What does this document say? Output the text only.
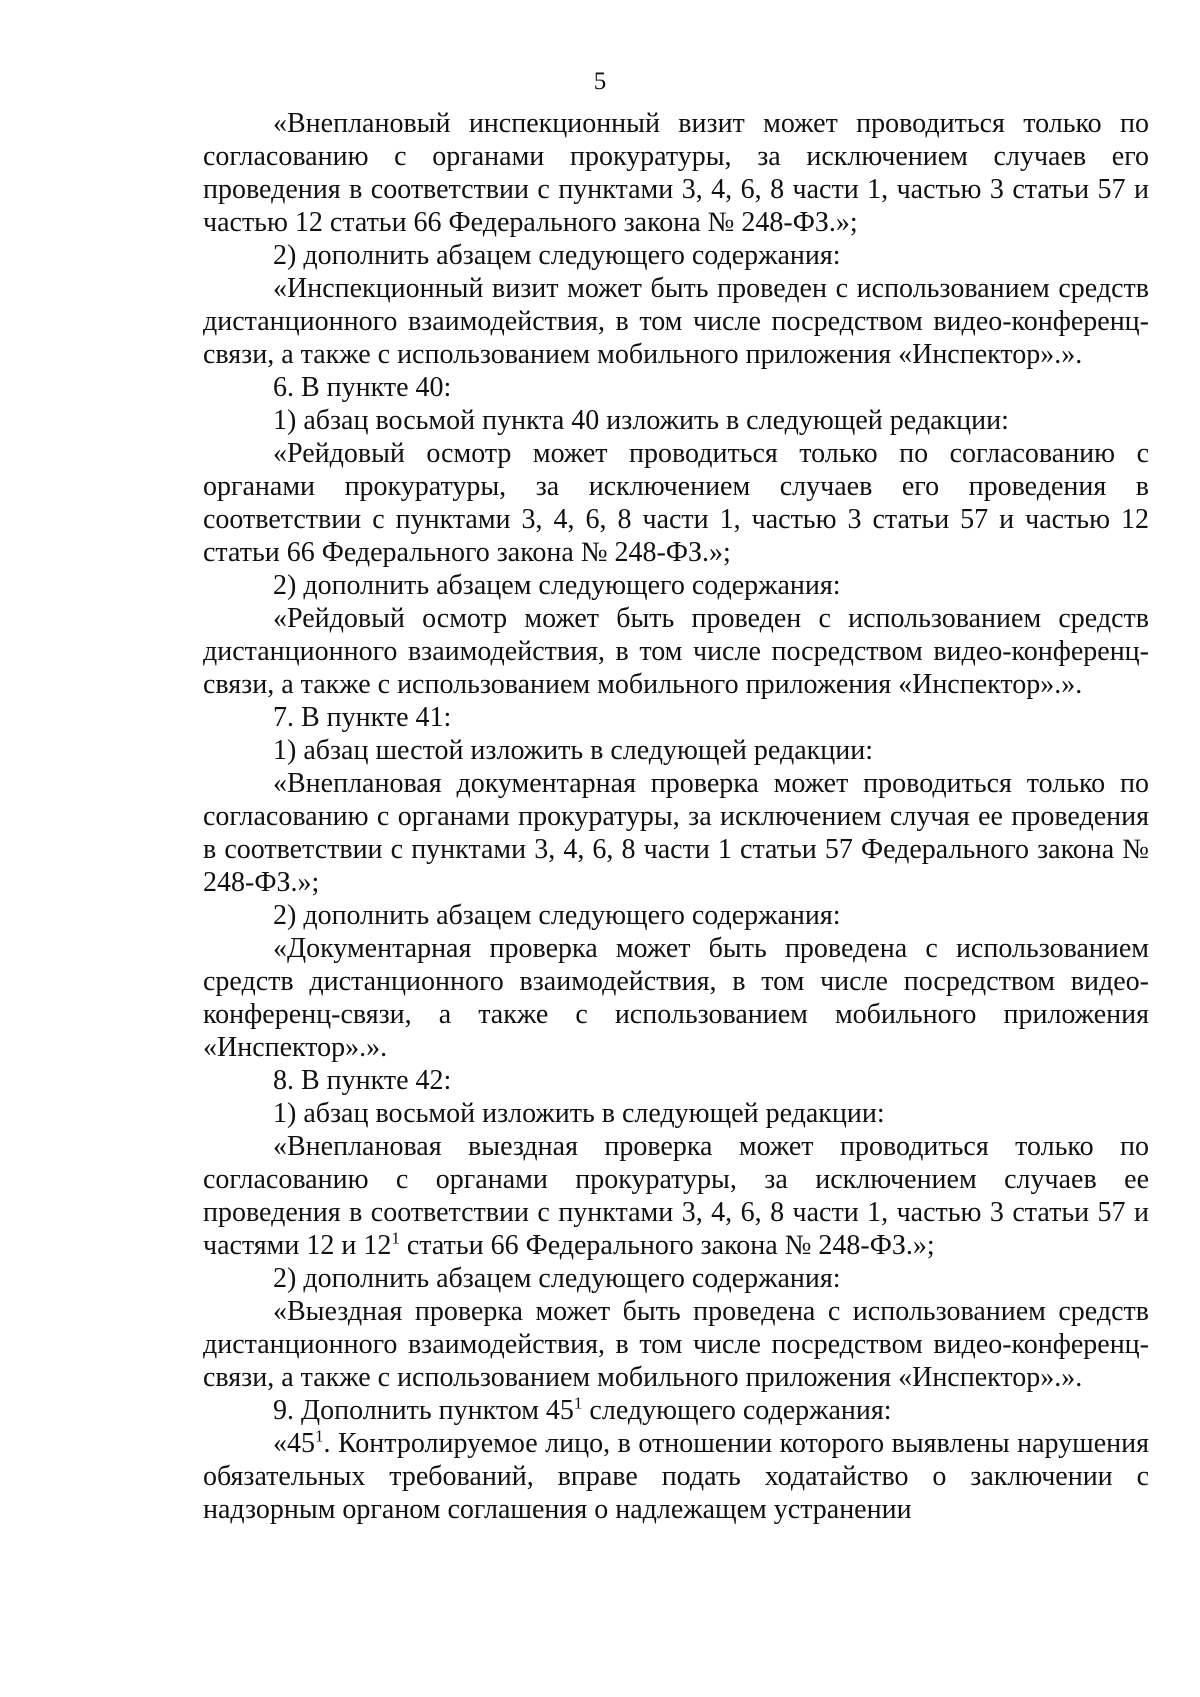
5

«Внеплановый инспекционный визит может проводиться только по согласованию с органами прокуратуры, за исключением случаев его проведения в соответствии с пунктами 3, 4, 6, 8 части 1, частью 3 статьи 57 и частью 12 статьи 66 Федерального закона № 248-ФЗ.»;

2) дополнить абзацем следующего содержания:

«Инспекционный визит может быть проведен с использованием средств дистанционного взаимодействия, в том числе посредством видео-конференц-связи, а также с использованием мобильного приложения «Инспектор».».

6. В пункте 40:

1) абзац восьмой пункта 40 изложить в следующей редакции:

«Рейдовый осмотр может проводиться только по согласованию с органами прокуратуры, за исключением случаев его проведения в соответствии с пунктами 3, 4, 6, 8 части 1, частью 3 статьи 57 и частью 12 статьи 66 Федерального закона № 248-ФЗ.»;

2) дополнить абзацем следующего содержания:

«Рейдовый осмотр может быть проведен с использованием средств дистанционного взаимодействия, в том числе посредством видео-конференц-связи, а также с использованием мобильного приложения «Инспектор».».

7. В пункте 41:

1) абзац шестой изложить в следующей редакции:

«Внеплановая документарная проверка может проводиться только по согласованию с органами прокуратуры, за исключением случая ее проведения в соответствии с пунктами 3, 4, 6, 8 части 1 статьи 57 Федерального закона № 248-ФЗ.»;

2) дополнить абзацем следующего содержания:

«Документарная проверка может быть проведена с использованием средств дистанционного взаимодействия, в том числе посредством видео-конференц-связи, а также с использованием мобильного приложения «Инспектор».».

8. В пункте 42:

1) абзац восьмой изложить в следующей редакции:

«Внеплановая выездная проверка может проводиться только по согласованию с органами прокуратуры, за исключением случаев ее проведения в соответствии с пунктами 3, 4, 6, 8 части 1, частью 3 статьи 57 и частями 12 и $12^1$ статьи 66 Федерального закона № 248-ФЗ.»;

2) дополнить абзацем следующего содержания:

«Выездная проверка может быть проведена с использованием средств дистанционного взаимодействия, в том числе посредством видео-конференц-связи, а также с использованием мобильного приложения «Инспектор».».

9. Дополнить пунктом $45^1$ следующего содержания:

«$45^1$. Контролируемое лицо, в отношении которого выявлены нарушения обязательных требований, вправе подать ходатайство о заключении с надзорным органом соглашения о надлежащем устранении
